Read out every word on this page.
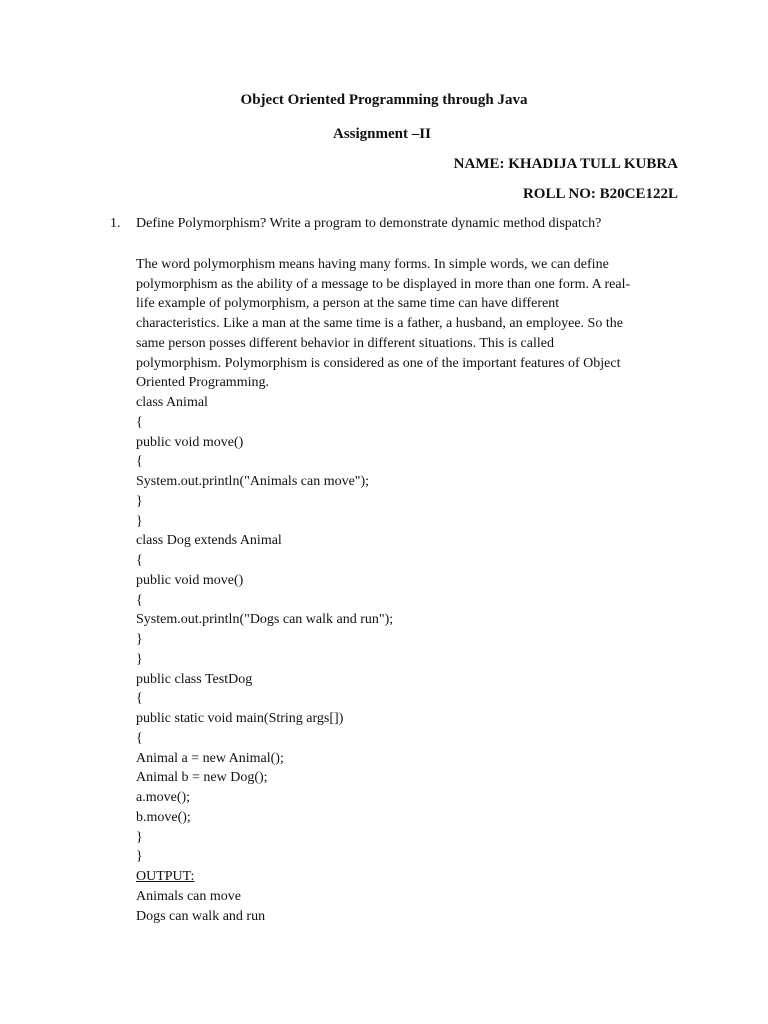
Object Oriented Programming through Java
Assignment –II
NAME: KHADIJA TULL KUBRA
ROLL NO: B20CE122L
1. Define Polymorphism? Write a program to demonstrate dynamic method dispatch?
The word polymorphism means having many forms. In simple words, we can define
polymorphism as the ability of a message to be displayed in more than one form. A real-
life example of polymorphism, a person at the same time can have different
characteristics. Like a man at the same time is a father, a husband, an employee. So the
same person posses different behavior in different situations. This is called
polymorphism. Polymorphism is considered as one of the important features of Object
Oriented Programming.
class Animal
{
public void move()
{
System.out.println("Animals can move");
}
}
class Dog extends Animal
{
public void move()
{
System.out.println("Dogs can walk and run");
}
}
public class TestDog
{
public static void main(String args[])
{
Animal a = new Animal();
Animal b = new Dog();
a.move();
b.move();
}
}
OUTPUT:
Animals can move
Dogs can walk and run
